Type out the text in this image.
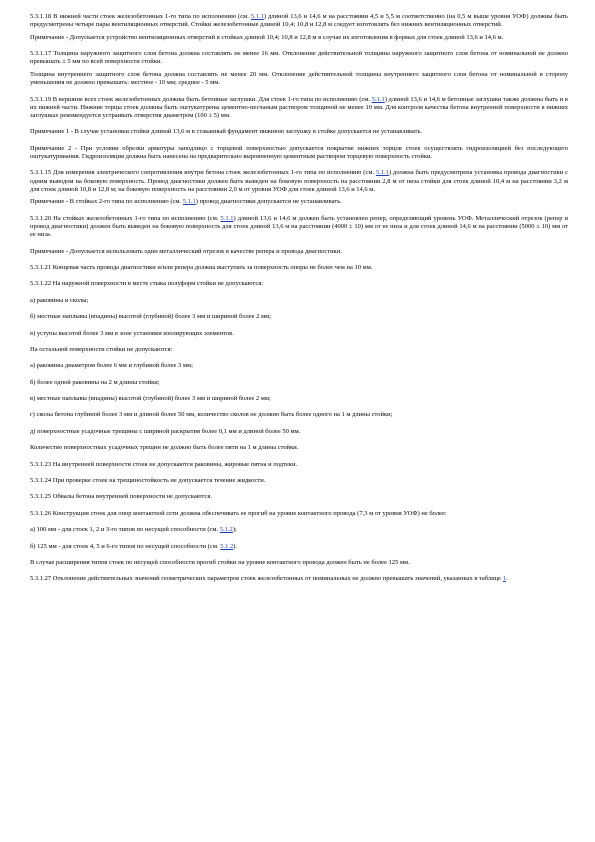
5.3.1.18 В нижней части стоек железобетонных 1-го типа по исполнению (см. 5.1.1) длиной 13,6 и 14,6 м на расстоянии 4,5 и 5,5 м соответственно (на 0,5 м выше уровня УОФ) должны быть предусмотрены четыре пары вентиляционных отверстий. Стойки железобетонные длиной 10,4; 10,8 и 12,8 м следует изготовлять без нижних вентиляционных отверстий.

Примечание - Допускается устройство вентиляционных отверстий в стойках длиной 10,4; 10,8 и 12,8 м в случае их изготовления в формах для стоек длиной 13,6 и 14,6 м.

5.3.1.17 Толщина наружного защитного слоя бетона должна составлять не менее 16 мм. Отклонение действительной толщины наружного защитного слоя бетона от номинальной не должно превышать ± 5 мм по всей поверхности стойки.

Толщина внутреннего защитного слоя бетона должна составлять не менее 20 мм. Отклонение действительной толщины внутреннего защитного слоя бетона от номинальной в сторону уменьшения не должно превышать: местное - 10 мм; среднее - 5 мм.

5.3.1.19 В вершине всех стоек железобетонных должны быть бетонные заглушки. Для стоек 1-го типа по исполнению (см. 5.1.1) длиной 13,6 и 14,6 м бетонные заглушки также должны быть и в их нижней части. Нижние торцы стоек должны быть оштукатурены цементно-песчаным раствором толщиной не менее 10 мм. Для контроля качества бетона внутренней поверхности в нижних заглушках рекомендуется устраивать отверстия диаметром (100 ± 5) мм.

Примечание 1 - В случае установки стойки длиной 13,6 м в стаканный фундамент нижнюю заглушку в стойке допускается не устанавливать.

Примечание 2 - При условии обрезки арматуры заподлицо с торцевой поверхностью допускается покрытие нижних торцов стоек осуществлять гидроизоляцией без последующего оштукатуривания. Гидроизоляция должна быть нанесена на предварительно выровненную цементным раствором торцевую поверхность стойки.

5.3.1.15 Для измерения электрического сопротивления внутри бетона стоек железобетонных 1-го типа по исполнению (см. 5.1.1) должна быть предусмотрена установка провода диагностики с одним выводом на боковую поверхность. Провод диагностики должен быть выведен на боковую поверхность на расстоянии 2,8 м от низа стойки для стоек длиной 10,4 м на расстоянии 3,2 м для стоек длиной 10,8 и 12,8 м; на боковую поверхность на расстоянии 2,0 м от уровня УОФ для стоек длиной 13,6 и 14,6 м.

Примечание - В стойках 2-го типа по исполнению (см. 5.1.1) провод диагностики допускается не устанавливать.

5.3.1.20 На стойках железобетонных 1-го типа по исполнению (см. 5.1.1) длиной 13,6 и 14,6 м должен быть установлен репер, определяющий уровень УОФ. Металлический отрезок (репер и провод диагностики) должен быть выведен на боковую поверхность для стоек длиной 13,6 м на расстоянии (4000 ± 10) мм от ее низа и для стоек длиной 14,6 м на расстоянии (5000 ± 10) мм от ее низа.

Примечание - Допускается использовать один металлический отрезок в качестве репера и провода диагностики.

5.3.1.21 Концевая часть провода диагностики и/или репера должна выступать за поверхность опоры не более чем на 10 мм.

5.3.1.22 На наружной поверхности в месте стыка полуформ стойки не допускаются:

а) раковины и сколы;

б) местные наплывы (впадины) высотой (глубиной) более 3 мм и шириной более 2 мм;

в) уступы высотой более 3 мм в зоне установки изолирующих элементов.

На остальной поверхности стойки не допускаются:

а) раковины диаметром более 6 мм и глубиной более 3 мм;

б) более одной раковины на 2 м длины стойки;

в) местные наплывы (впадины) высотой (глубиной) более 3 мм и шириной более 2 мм;

г) сколы бетона глубиной более 3 мм и длиной более 50 мм, количество сколов не должно быть более одного на 1 м длины стойки;

д) поверхностные усадочные трещины с шириной раскрытия более 0,1 мм и длиной более 50 мм.

Количество поверхностных усадочных трещин не должно быть более пяти на 1 м длины стойки.

5.3.1.23 На внутренней поверхности стоек не допускаются раковины, жировые пятна и подтеки.

5.3.1.24 При проверке стоек на трещиностойкость не допускается течение жидкости.

5.3.1.25 Обвалы бетона внутренней поверхности не допускаются.

5.3.1.26 Конструкция стоек для опор контактной сети должна обеспечивать ее прогиб на уровне контактного провода (7,3 м от уровня УОФ) не более:

а) 100 мм - для стоек 1, 2 и 3-го типов по несущей способности (см. 5.1.2);

б) 125 мм - для стоек 4, 5 и 6-го типов по несущей способности (см. 5.1.2).

В случае расширения типов стоек по несущей способности прогиб стойки на уровне контактного провода должен быть не более 125 мм.

5.3.1.27 Отклонение действительных значений геометрических параметров стоек железобетонных от номинальных не должно превышать значений, указанных в таблице 1.
